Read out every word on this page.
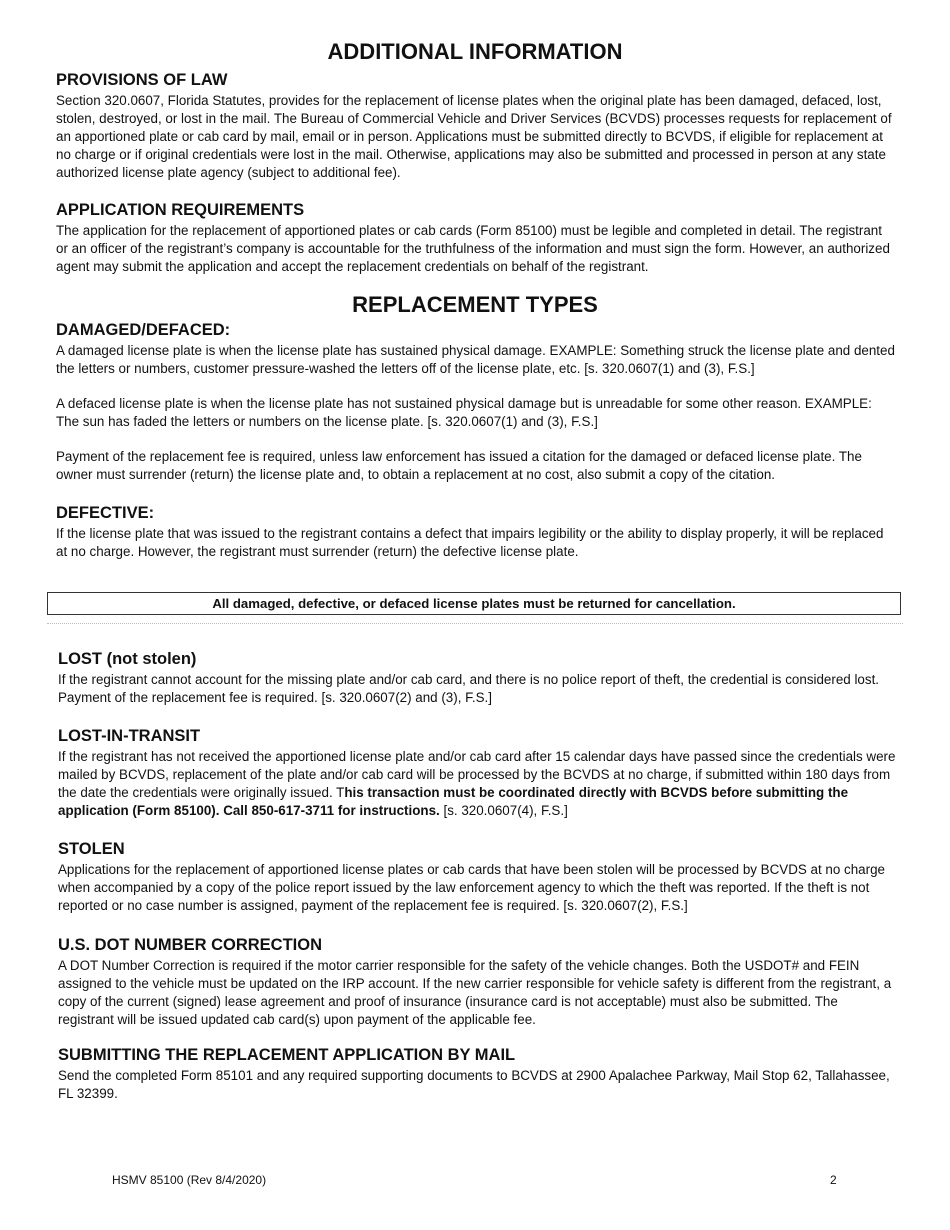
ADDITIONAL INFORMATION
PROVISIONS OF LAW

Section 320.0607, Florida Statutes, provides for the replacement of license plates when the original plate has been damaged, defaced, lost, stolen, destroyed, or lost in the mail. The Bureau of Commercial Vehicle and Driver Services (BCVDS) processes requests for replacement of an apportioned plate or cab card by mail, email or in person. Applications must be submitted directly to BCVDS, if eligible for replacement at no charge or if original credentials were lost in the mail. Otherwise, applications may also be submitted and processed in person at any state authorized license plate agency (subject to additional fee).

APPLICATION REQUIREMENTS

The application for the replacement of apportioned plates or cab cards (Form 85100) must be legible and completed in detail. The registrant or an officer of the registrant’s company is accountable for the truthfulness of the information and must sign the form. However, an authorized agent may submit the application and accept the replacement credentials on behalf of the registrant.

REPLACEMENT TYPES
DAMAGED/DEFACED:

A damaged license plate is when the license plate has sustained physical damage. EXAMPLE: Something struck the license plate and dented the letters or numbers, customer pressure-washed the letters off of the license plate, etc. [s. 320.0607(1) and (3), F.S.]

A defaced license plate is when the license plate has not sustained physical damage but is unreadable for some other reason. EXAMPLE: The sun has faded the letters or numbers on the license plate. [s. 320.0607(1) and (3), F.S.]

Payment of the replacement fee is required, unless law enforcement has issued a citation for the damaged or defaced license plate. The owner must surrender (return) the license plate and, to obtain a replacement at no cost, also submit a copy of the citation.

DEFECTIVE:

If the license plate that was issued to the registrant contains a defect that impairs legibility or the ability to display properly, it will be replaced at no charge. However, the registrant must surrender (return) the defective license plate.

All damaged, defective, or defaced license plates must be returned for cancellation.
LOST (not stolen)

If the registrant cannot account for the missing plate and/or cab card, and there is no police report of theft, the credential is considered lost. Payment of the replacement fee is required. [s. 320.0607(2) and (3), F.S.]

LOST-IN-TRANSIT

If the registrant has not received the apportioned license plate and/or cab card after 15 calendar days have passed since the credentials were mailed by BCVDS, replacement of the plate and/or cab card will be processed by the BCVDS at no charge, if submitted within 180 days from the date the credentials were originally issued. This transaction must be coordinated directly with BCVDS before submitting the application (Form 85100). Call 850-617-3711 for instructions. [s. 320.0607(4), F.S.]

STOLEN

Applications for the replacement of apportioned license plates or cab cards that have been stolen will be processed by BCVDS at no charge when accompanied by a copy of the police report issued by the law enforcement agency to which the theft was reported. If the theft is not reported or no case number is assigned, payment of the replacement fee is required. [s. 320.0607(2), F.S.]

U.S. DOT NUMBER CORRECTION

A DOT Number Correction is required if the motor carrier responsible for the safety of the vehicle changes. Both the USDOT# and FEIN assigned to the vehicle must be updated on the IRP account. If the new carrier responsible for vehicle safety is different from the registrant, a copy of the current (signed) lease agreement and proof of insurance (insurance card is not acceptable) must also be submitted. The registrant will be issued updated cab card(s) upon payment of the applicable fee.

SUBMITTING THE REPLACEMENT APPLICATION BY MAIL

Send the completed Form 85101 and any required supporting documents to BCVDS at 2900 Apalachee Parkway, Mail Stop 62, Tallahassee, FL 32399.

HSMV 85100 (Rev 8/4/2020)	2
